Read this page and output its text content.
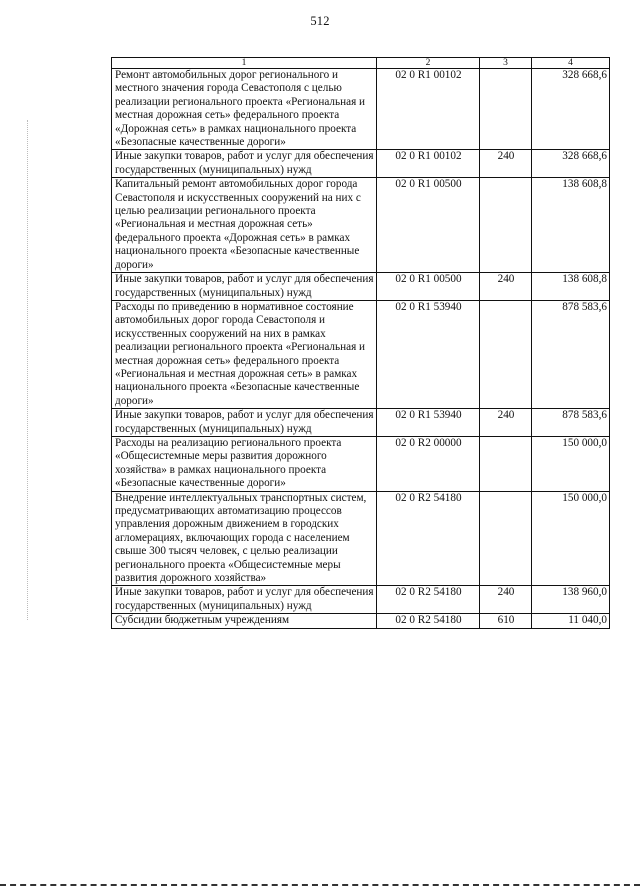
512
1	2	3	4
Ремонт автомобильных дорог регионального и местного значения города Севастополя с целью реализации регионального проекта «Региональная и местная дорожная сеть» федерального проекта «Дорожная сеть» в рамках национального проекта «Безопасные качественные дороги»	02 0 R1 00102		328 668,6
Иные закупки товаров, работ и услуг для обеспечения государственных (муниципальных) нужд	02 0 R1 00102	240	328 668,6
Капитальный ремонт автомобильных дорог города Севастополя и искусственных сооружений на них с целью реализации регионального проекта «Региональная и местная дорожная сеть» федерального проекта «Дорожная сеть» в рамках национального проекта «Безопасные качественные дороги»	02 0 R1 00500		138 608,8
Иные закупки товаров, работ и услуг для обеспечения государственных (муниципальных) нужд	02 0 R1 00500	240	138 608,8
Расходы по приведению в нормативное состояние автомобильных дорог города Севастополя и искусственных сооружений на них в рамках реализации регионального проекта «Региональная и местная дорожная сеть» федерального проекта «Региональная и местная дорожная сеть» в рамках национального проекта «Безопасные качественные дороги»	02 0 R1 53940		878 583,6
Иные закупки товаров, работ и услуг для обеспечения государственных (муниципальных) нужд	02 0 R1 53940	240	878 583,6
Расходы на реализацию регионального проекта «Общесистемные меры развития дорожного хозяйства» в рамках национального проекта «Безопасные качественные дороги»	02 0 R2 00000		150 000,0
Внедрение интеллектуальных транспортных систем, предусматривающих автоматизацию процессов управления дорожным движением в городских агломерациях, включающих города с населением свыше 300 тысяч человек, с целью реализации регионального проекта «Общесистемные меры развития дорожного хозяйства»	02 0 R2 54180		150 000,0
Иные закупки товаров, работ и услуг для обеспечения государственных (муниципальных) нужд	02 0 R2 54180	240	138 960,0
Субсидии бюджетным учреждениям	02 0 R2 54180	610	11 040,0
